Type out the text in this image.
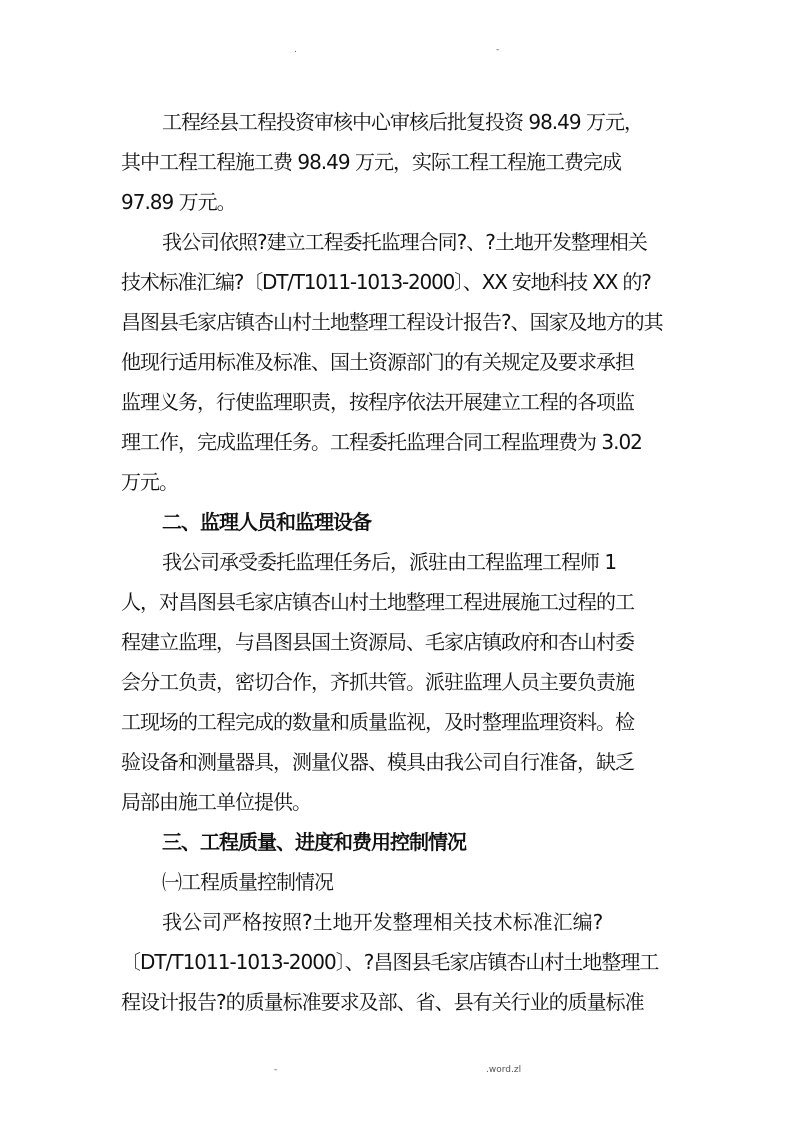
.	-
工程经县工程投资审核中心审核后批复投资 98.49 万元，
其中工程工程施工费 98.49 万元，实际工程工程施工费完成
97.89 万元。
我公司依照?建立工程委托监理合同?、?土地开发整理相关
技术标准汇编?〔DT/T1011-1013-2000〕、XX 安地科技 XX 的?
昌图县毛家店镇杏山村土地整理工程设计报告?、国家及地方的其
他现行适用标准及标准、国土资源部门的有关规定及要求承担
监理义务，行使监理职责，按程序依法开展建立工程的各项监
理工作，完成监理任务。工程委托监理合同工程监理费为 3.02
万元。
二、监理人员和监理设备
我公司承受委托监理任务后，派驻由工程监理工程师 1
人，对昌图县毛家店镇杏山村土地整理工程进展施工过程的工
程建立监理，与昌图县国土资源局、毛家店镇政府和杏山村委
会分工负责，密切合作，齐抓共管。派驻监理人员主要负责施
工现场的工程完成的数量和质量监视，及时整理监理资料。检
验设备和测量器具，测量仪器、模具由我公司自行准备，缺乏
局部由施工单位提供。
三、工程质量、进度和费用控制情况
㈠工程质量控制情况
我公司严格按照?土地开发整理相关技术标准汇编?
〔DT/T1011-1013-2000〕、?昌图县毛家店镇杏山村土地整理工
程设计报告?的质量标准要求及部、省、县有关行业的质量标准
-	.word.zl
